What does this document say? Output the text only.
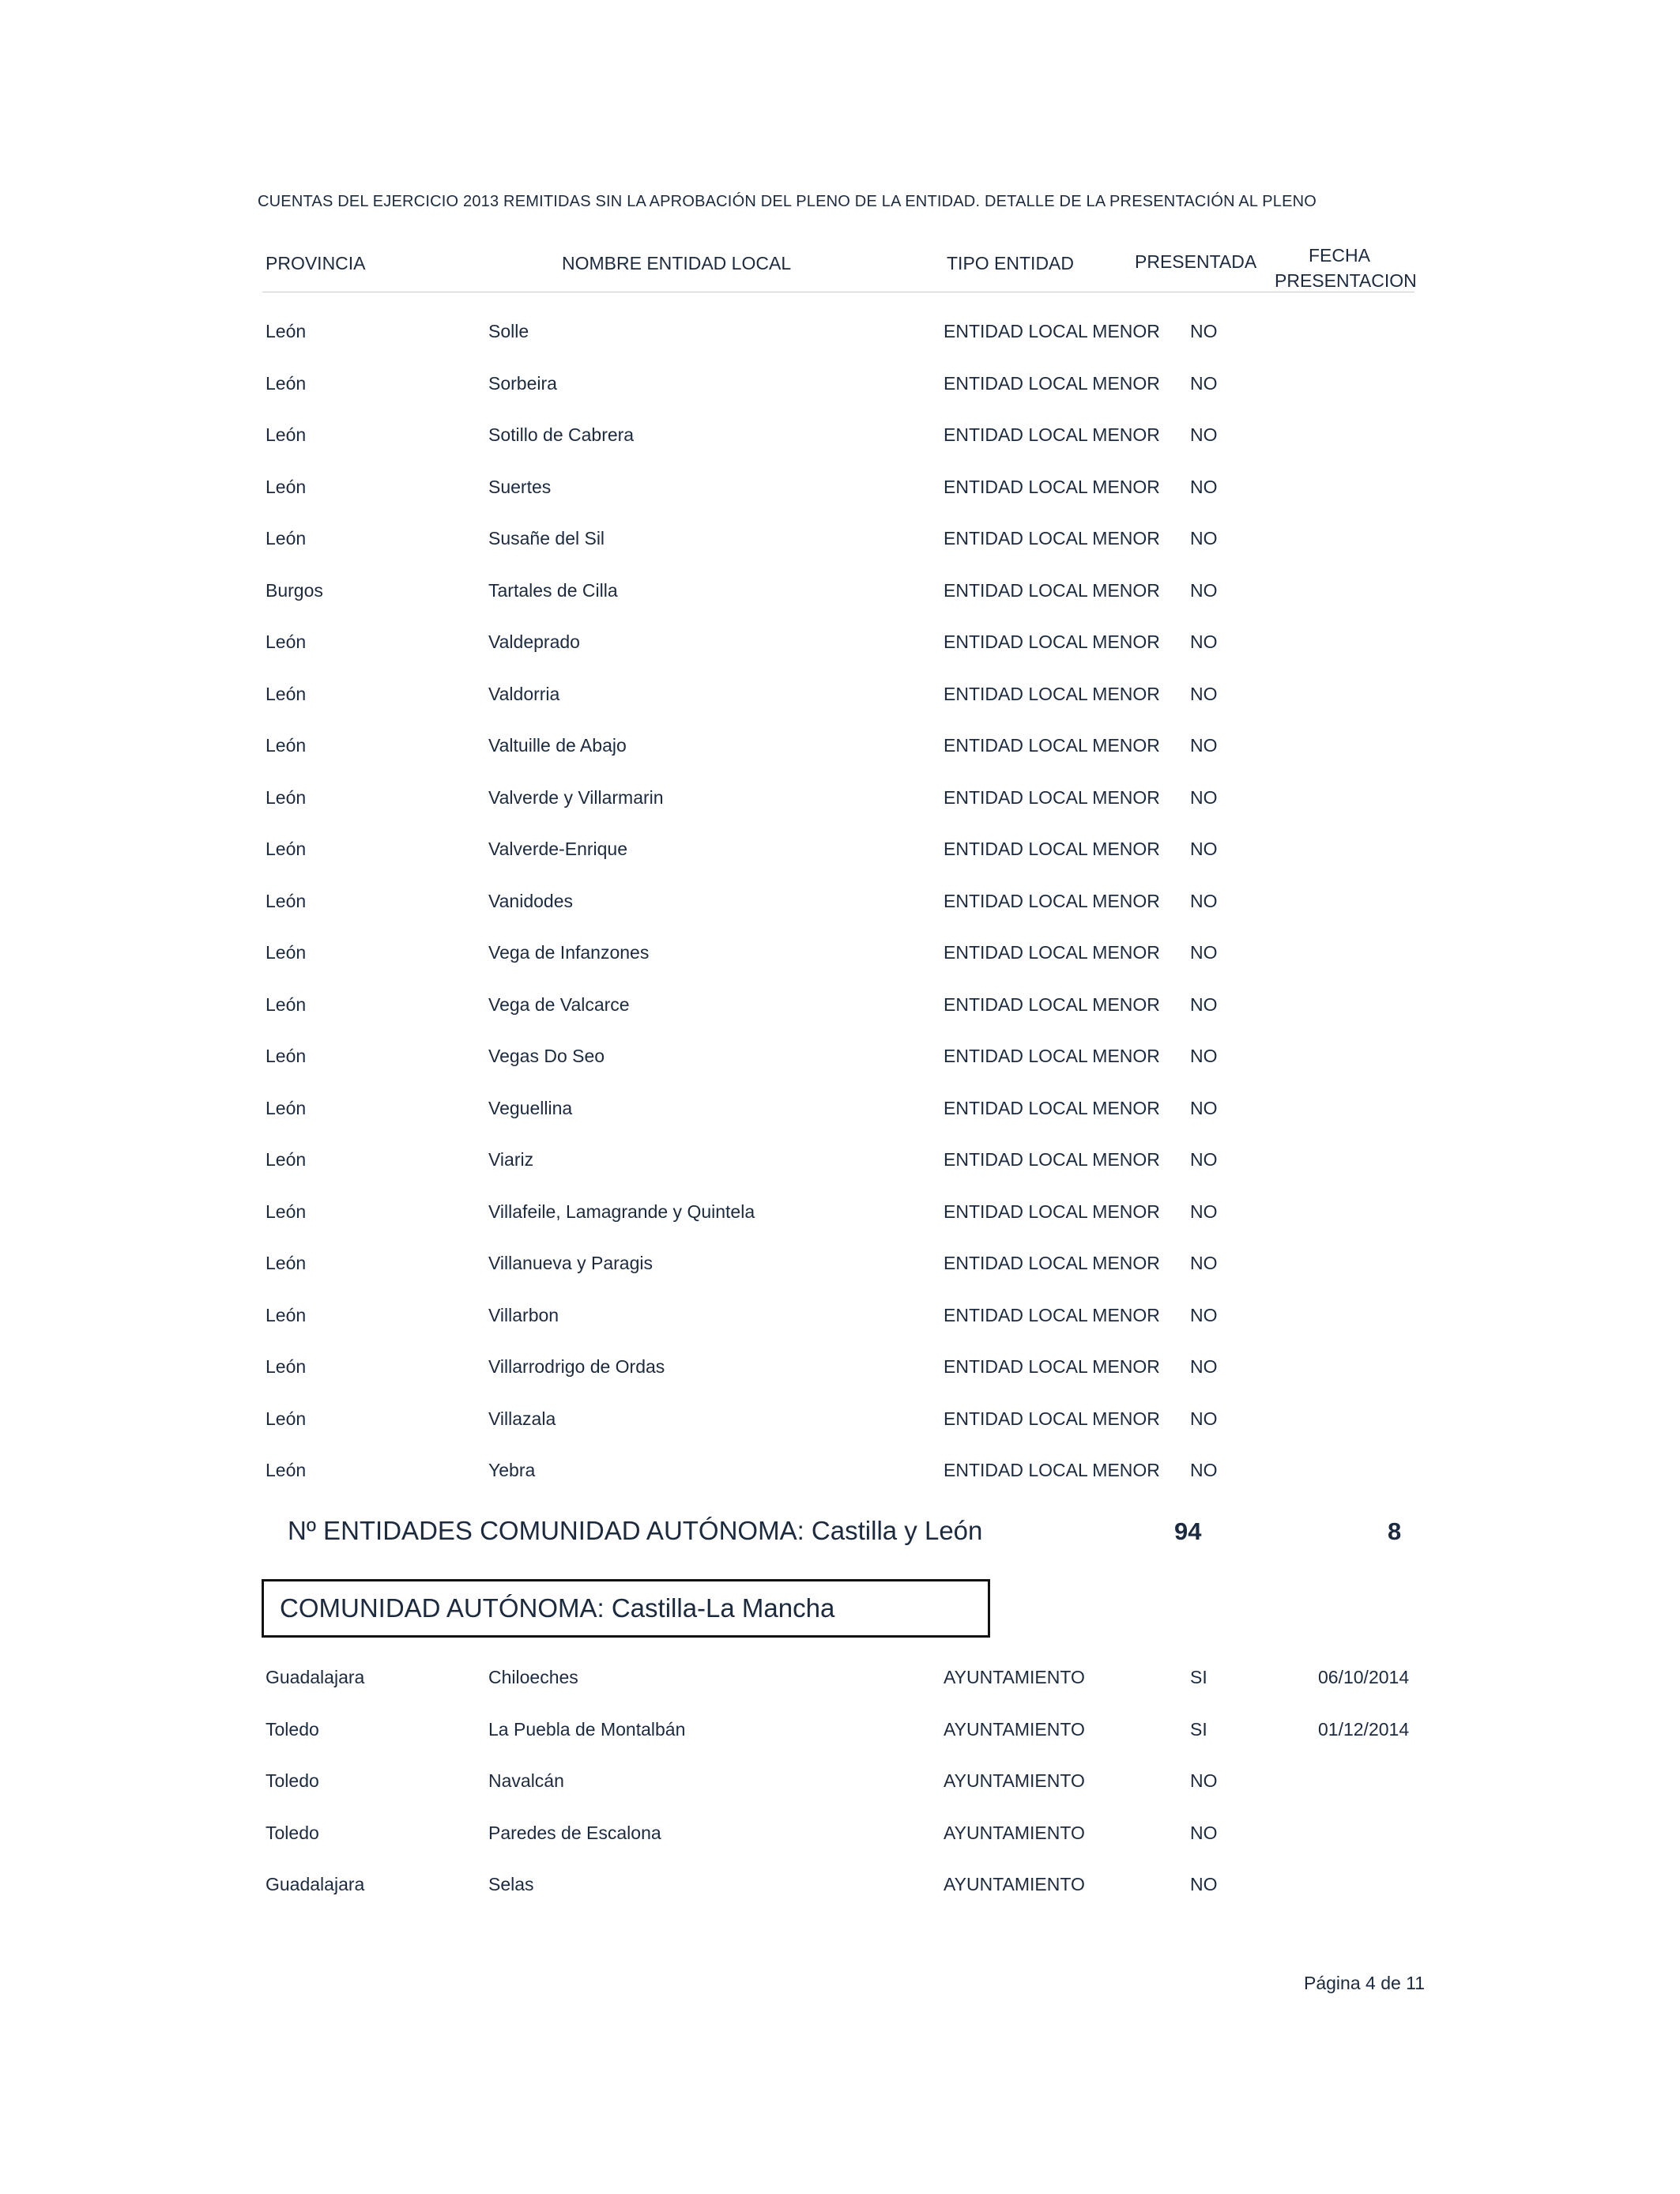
CUENTAS DEL EJERCICIO 2013 REMITIDAS SIN LA APROBACIÓN DEL PLENO DE LA ENTIDAD. DETALLE DE LA PRESENTACIÓN AL PLENO
PROVINCIA	NOMBRE ENTIDAD LOCAL	TIPO ENTIDAD	PRESENTADA	FECHA
PRESENTACION
León	Solle	ENTIDAD LOCAL MENOR NO
León	Sorbeira	ENTIDAD LOCAL MENOR NO
León	Sotillo de Cabrera	ENTIDAD LOCAL MENOR NO
León	Suertes	ENTIDAD LOCAL MENOR NO
León	Susañe del Sil	ENTIDAD LOCAL MENOR NO
Burgos	Tartales de Cilla	ENTIDAD LOCAL MENOR NO
León	Valdeprado	ENTIDAD LOCAL MENOR NO
León	Valdorria	ENTIDAD LOCAL MENOR NO
León	Valtuille de Abajo	ENTIDAD LOCAL MENOR NO
León	Valverde y Villarmarin	ENTIDAD LOCAL MENOR NO
León	Valverde-Enrique	ENTIDAD LOCAL MENOR NO
León	Vanidodes	ENTIDAD LOCAL MENOR NO
León	Vega de Infanzones	ENTIDAD LOCAL MENOR NO
León	Vega de Valcarce	ENTIDAD LOCAL MENOR NO
León	Vegas Do Seo	ENTIDAD LOCAL MENOR NO
León	Veguellina	ENTIDAD LOCAL MENOR NO
León	Viariz	ENTIDAD LOCAL MENOR NO
León	Villafeile, Lamagrande y Quintela	ENTIDAD LOCAL MENOR NO
León	Villanueva y Paragis	ENTIDAD LOCAL MENOR NO
León	Villarbon	ENTIDAD LOCAL MENOR NO
León	Villarrodrigo de Ordas	ENTIDAD LOCAL MENOR NO
León	Villazala	ENTIDAD LOCAL MENOR NO
León	Yebra	ENTIDAD LOCAL MENOR NO
Nº ENTIDADES COMUNIDAD AUTÓNOMA: Castilla y León	94	8
COMUNIDAD AUTÓNOMA: Castilla-La Mancha
Guadalajara	Chiloeches	AYUNTAMIENTO	SI	06/10/2014
Toledo	La Puebla de Montalbán	AYUNTAMIENTO	SI	01/12/2014
Toledo	Navalcán	AYUNTAMIENTO	NO
Toledo	Paredes de Escalona	AYUNTAMIENTO	NO
Guadalajara	Selas	AYUNTAMIENTO	NO
Página 4 de 11
